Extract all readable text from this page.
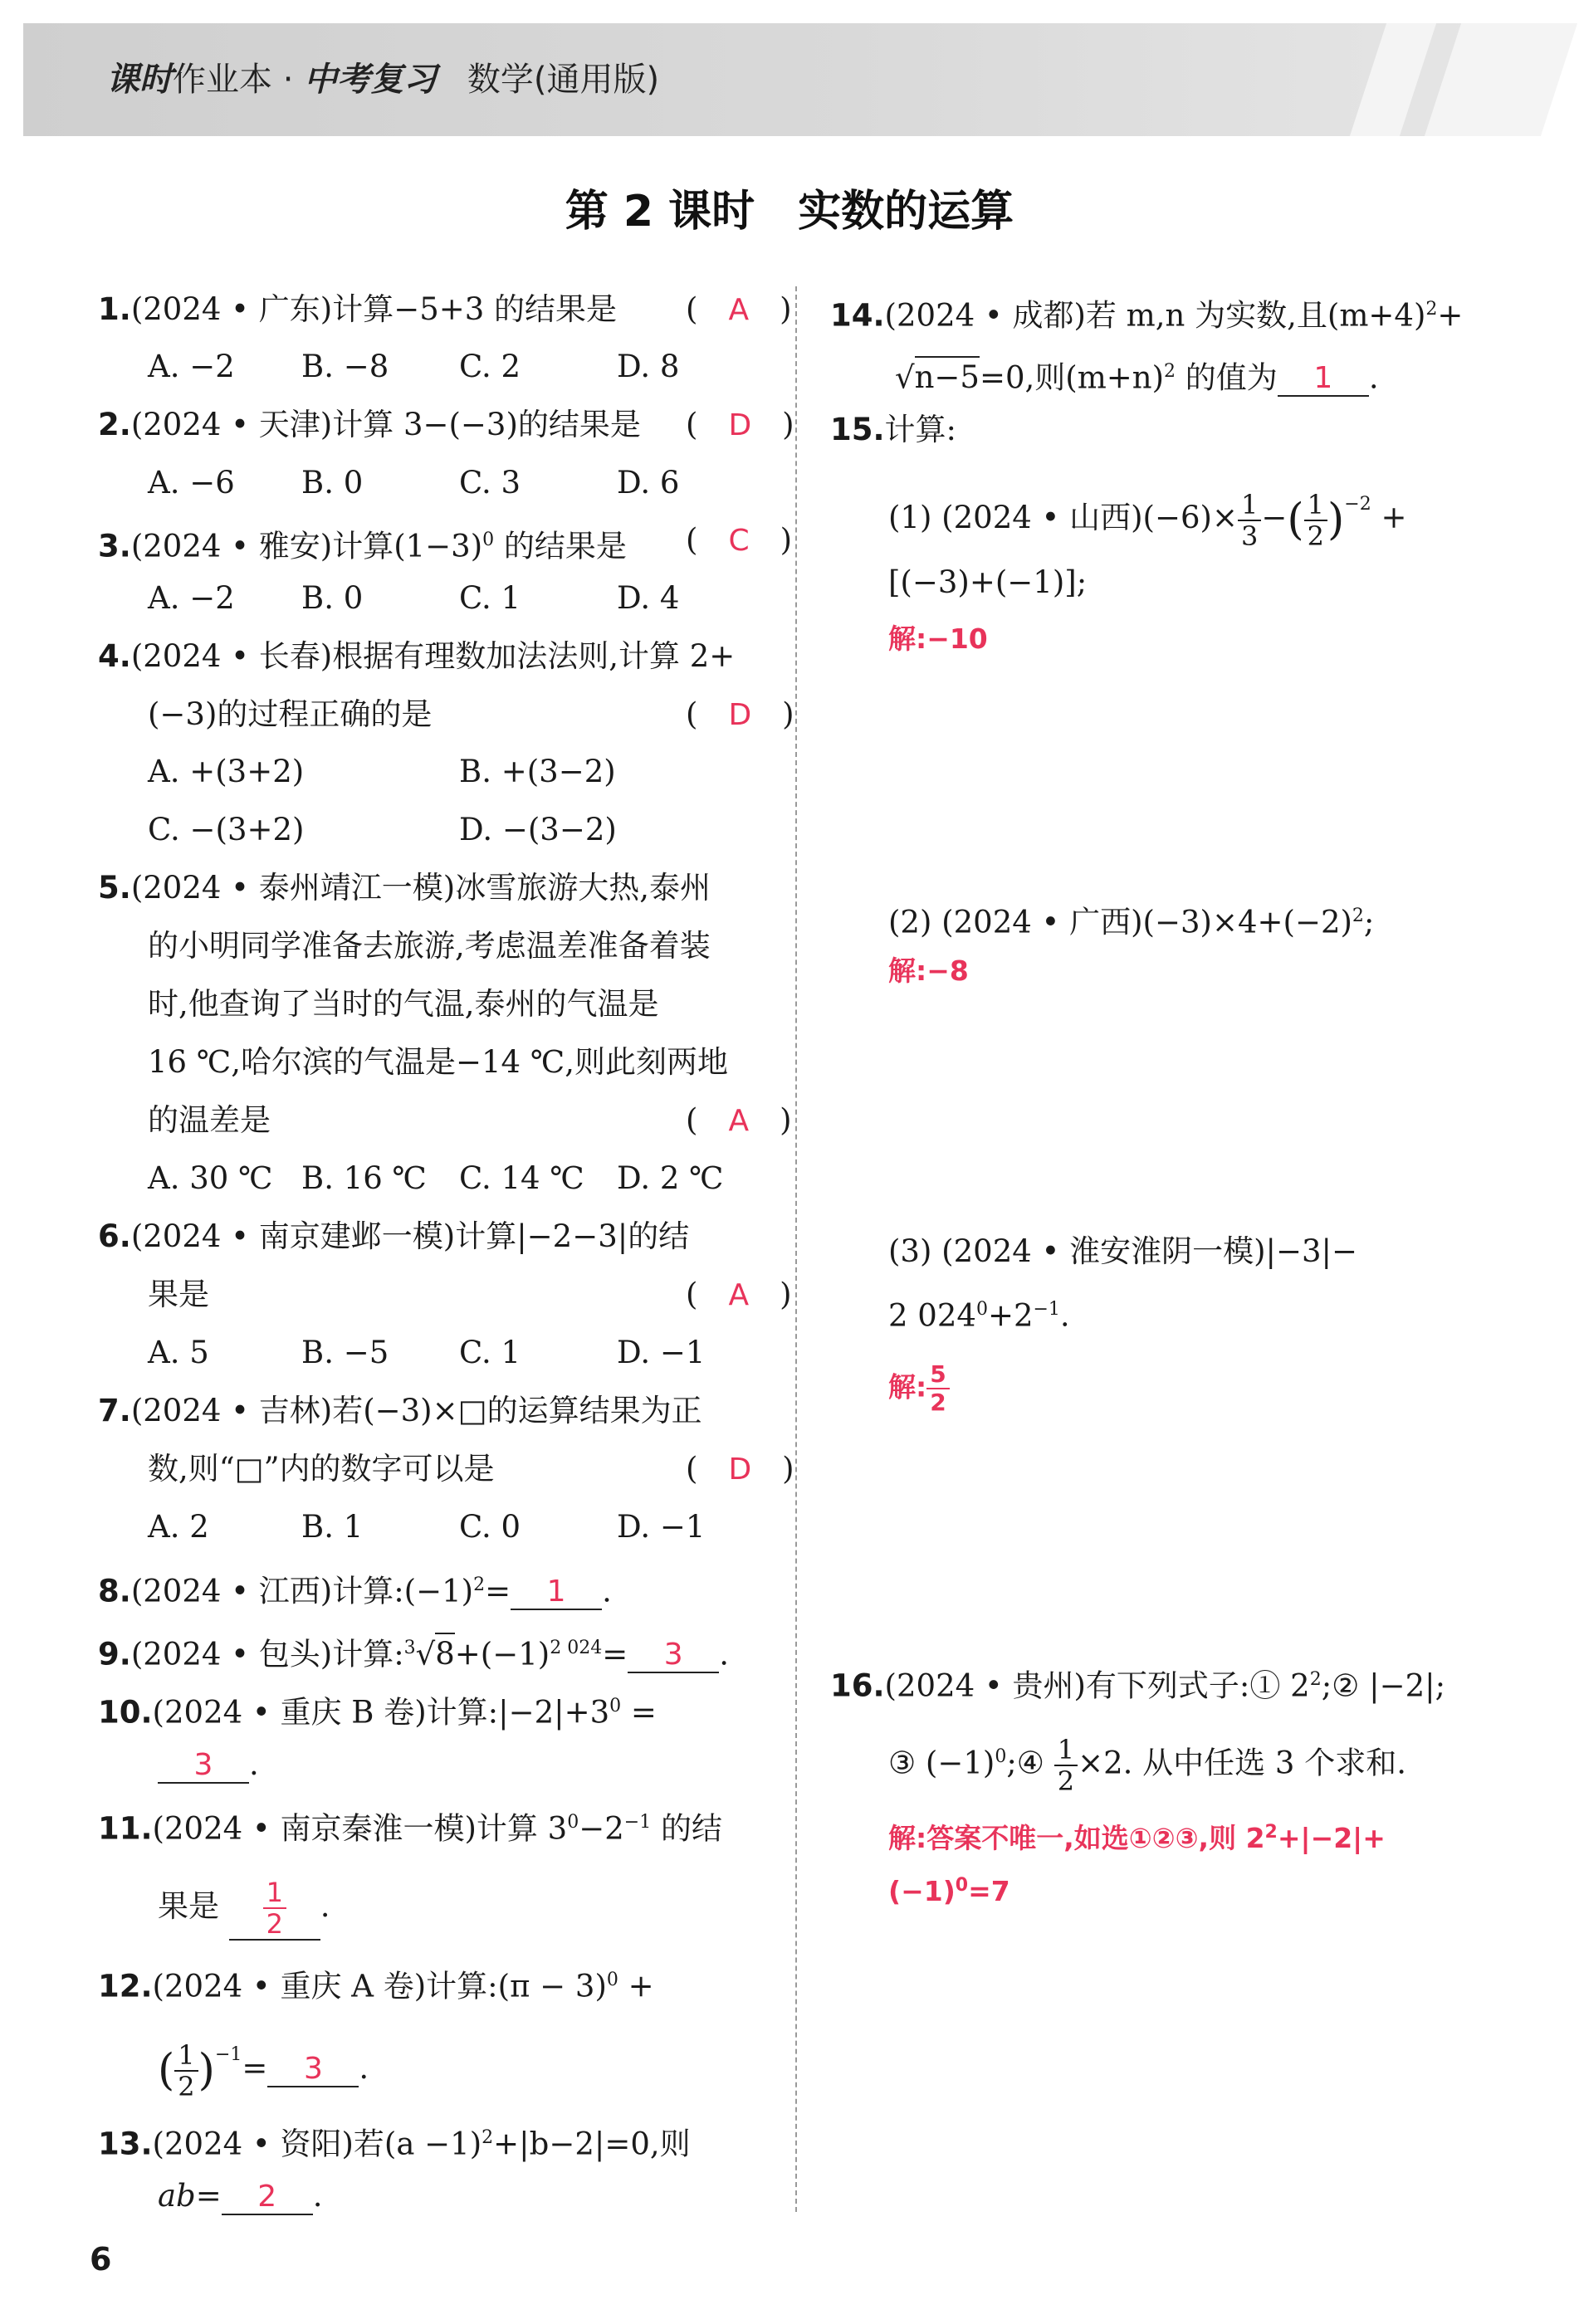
课时作业本 · 中考复习 数学(通用版)
第 2 课时　实数的运算
1.(2024 • 广东)计算−5+3 的结果是 (　A　)
A. −2 B. −8 C. 2	D. 8
2.(2024 • 天津)计算 3−(−3)的结果是 (　D　)
A. −6 B. 0	C. 3	D. 6
3.(2024 • 雅安)计算$(1-3)^0$ 的结果是 (　C　)
A. −2 B. 0	C. 1	D. 4
4.(2024 • 长春)根据有理数加法法则,计算 2+
(−3)的过程正确的是	(　D　)
A. +(3+2)	B. +(3−2)
C. −(3+2)	D. −(3−2)
5.(2024 • 泰州靖江一模)冰雪旅游大热,泰州
的小明同学准备去旅游,考虑温差准备着装
时,他查询了当时的气温,泰州的气温是
16 ℃,哈尔滨的气温是−14 ℃,则此刻两地
的温差是	(　A　)
A. 30 ℃ B. 16 ℃ C. 14 ℃ D. 2 ℃
6.(2024 • 南京建邺一模)计算|−2−3|的结
果是	(　A　)
A. 5	B. −5 C. 1	D. −1
7.(2024 • 吉林)若(−3)×□的运算结果为正
数,则“□”内的数字可以是	(　D　)
A. 2	B. 1	C. 0	D. −1
8.(2024 • 江西)计算$:(-1)^2= 1$ .
9.(2024 • 包头)计算$:^3√8+(-1)^{2 024}= 3$ .
10.(2024 • 重庆 B 卷)计算$:|-2|+3^0$ =
3 .
11.(2024 • 南京秦淮一模)计算 $3^0-2^{-1}$ 的结
果是 $\frac{1}{2}$ .
12.(2024 • 重庆 A 卷)计算:(π − 3)$^0$ +
( $\frac{1}{2} )^{-1}= 3$ .
13.(2024 • 资阳)若$(a -1)^2+|b-2|=0$,则
ab= 2 .
14.(2024 • 成都)若 m,n 为实数,且$(m+4)^2+$
√n−5=0,则$(m+n)^2$ 的值为 1 .
15.计算:
(1) (2024 • 山西)$(-6)\times \frac{1}{3}$ −( $\frac{1}{2} )^{-2}$ +
[(−3)+(−1)];
解:−10
(2) (2024 • 广西)$(-3)\times 4+(-2)^2$;
解:−8
(3) (2024 • 淮安淮阴一模)|−3|−
2 $024^0+2^{-1}$.
解: $\frac{5}{2}$
16.(2024 • 贵州)有下列式子:① $2^2;②$ |−2|;
③ $(-1)^0;④ \frac{1}{2} \times 2$. 从中任选 3 个求和.
解:答案不唯一,如选①②③,则 $2^2+|-2|+$
$(-1)^0=7$
6
